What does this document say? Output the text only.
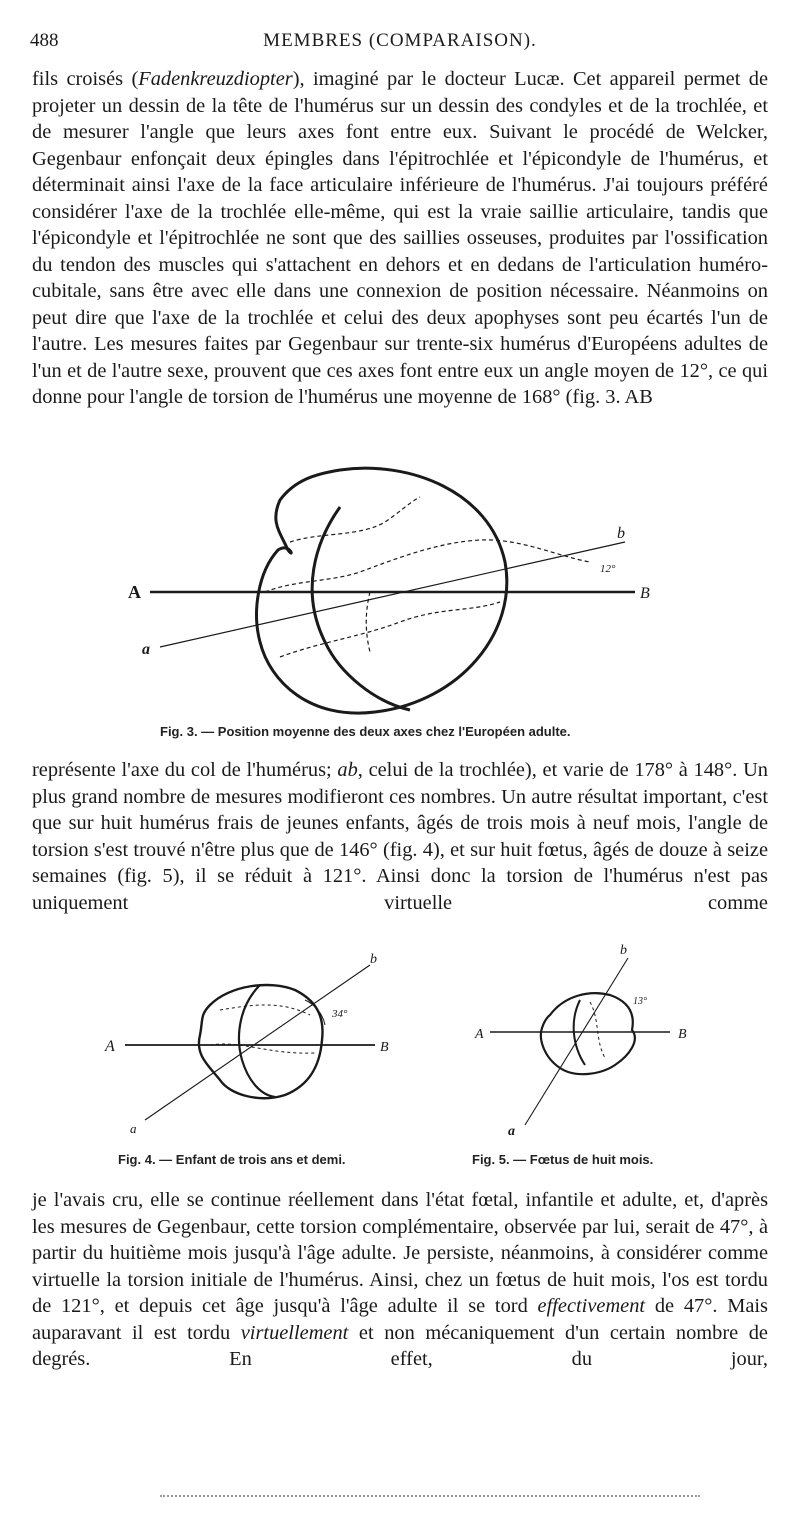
488	MEMBRES (COMPARAISON).

fils croisés (Fadenkreuzdiopter), imaginé par le docteur Lucæ. Cet appareil permet de projeter un dessin de la tête de l'humérus sur un dessin des condyles et de la trochlée, et de mesurer l'angle que leurs axes font entre eux. Suivant le procédé de Welcker, Gegenbaur enfonçait deux épingles dans l'épitrochlée et l'épicondyle de l'humérus, et déterminait ainsi l'axe de la face articulaire inférieure de l'humérus. J'ai toujours préféré considérer l'axe de la trochlée elle-même, qui est la vraie saillie articulaire, tandis que l'épicondyle et l'épitrochlée ne sont que des saillies osseuses, produites par l'ossification du tendon des muscles qui s'attachent en dehors et en dedans de l'articulation huméro-cubitale, sans être avec elle dans une connexion de position nécessaire. Néanmoins on peut dire que l'axe de la trochlée et celui des deux apophyses sont peu écartés l'un de l'autre. Les mesures faites par Gegenbaur sur trente-six humérus d'Européens adultes de l'un et de l'autre sexe, prouvent que ces axes font entre eux un angle moyen de 12°, ce qui donne pour l'angle de torsion de l'humérus une moyenne de 168° (fig. 3. AB

A	B
a
b
12°
Fig. 3. — Position moyenne des deux axes chez l'Européen adulte.

représente l'axe du col de l'humérus; ab, celui de la trochlée), et varie de 178° à 148°. Un plus grand nombre de mesures modifieront ces nombres. Un autre résultat important, c'est que sur huit humérus frais de jeunes enfants, âgés de trois mois à neuf mois, l'angle de torsion s'est trouvé n'être plus que de 146° (fig. 4), et sur huit fœtus, âgés de douze à seize semaines (fig. 5), il se réduit à 121°. Ainsi donc la torsion de l'humérus n'est pas uniquement virtuelle comme

A	B
a
b
34°
Fig. 4. — Enfant de trois ans et demi.
A	B
a
b
13°
Fig. 5. — Fœtus de huit mois.

je l'avais cru, elle se continue réellement dans l'état fœtal, infantile et adulte, et, d'après les mesures de Gegenbaur, cette torsion complémentaire, observée par lui, serait de 47°, à partir du huitième mois jusqu'à l'âge adulte. Je persiste, néanmoins, à considérer comme virtuelle la torsion initiale de l'humérus. Ainsi, chez un fœtus de huit mois, l'os est tordu de 121°, et depuis cet âge jusqu'à l'âge adulte il se tord effectivement de 47°. Mais auparavant il est tordu virtuellement et non mécaniquement d'un certain nombre de degrés. En effet, du jour,
